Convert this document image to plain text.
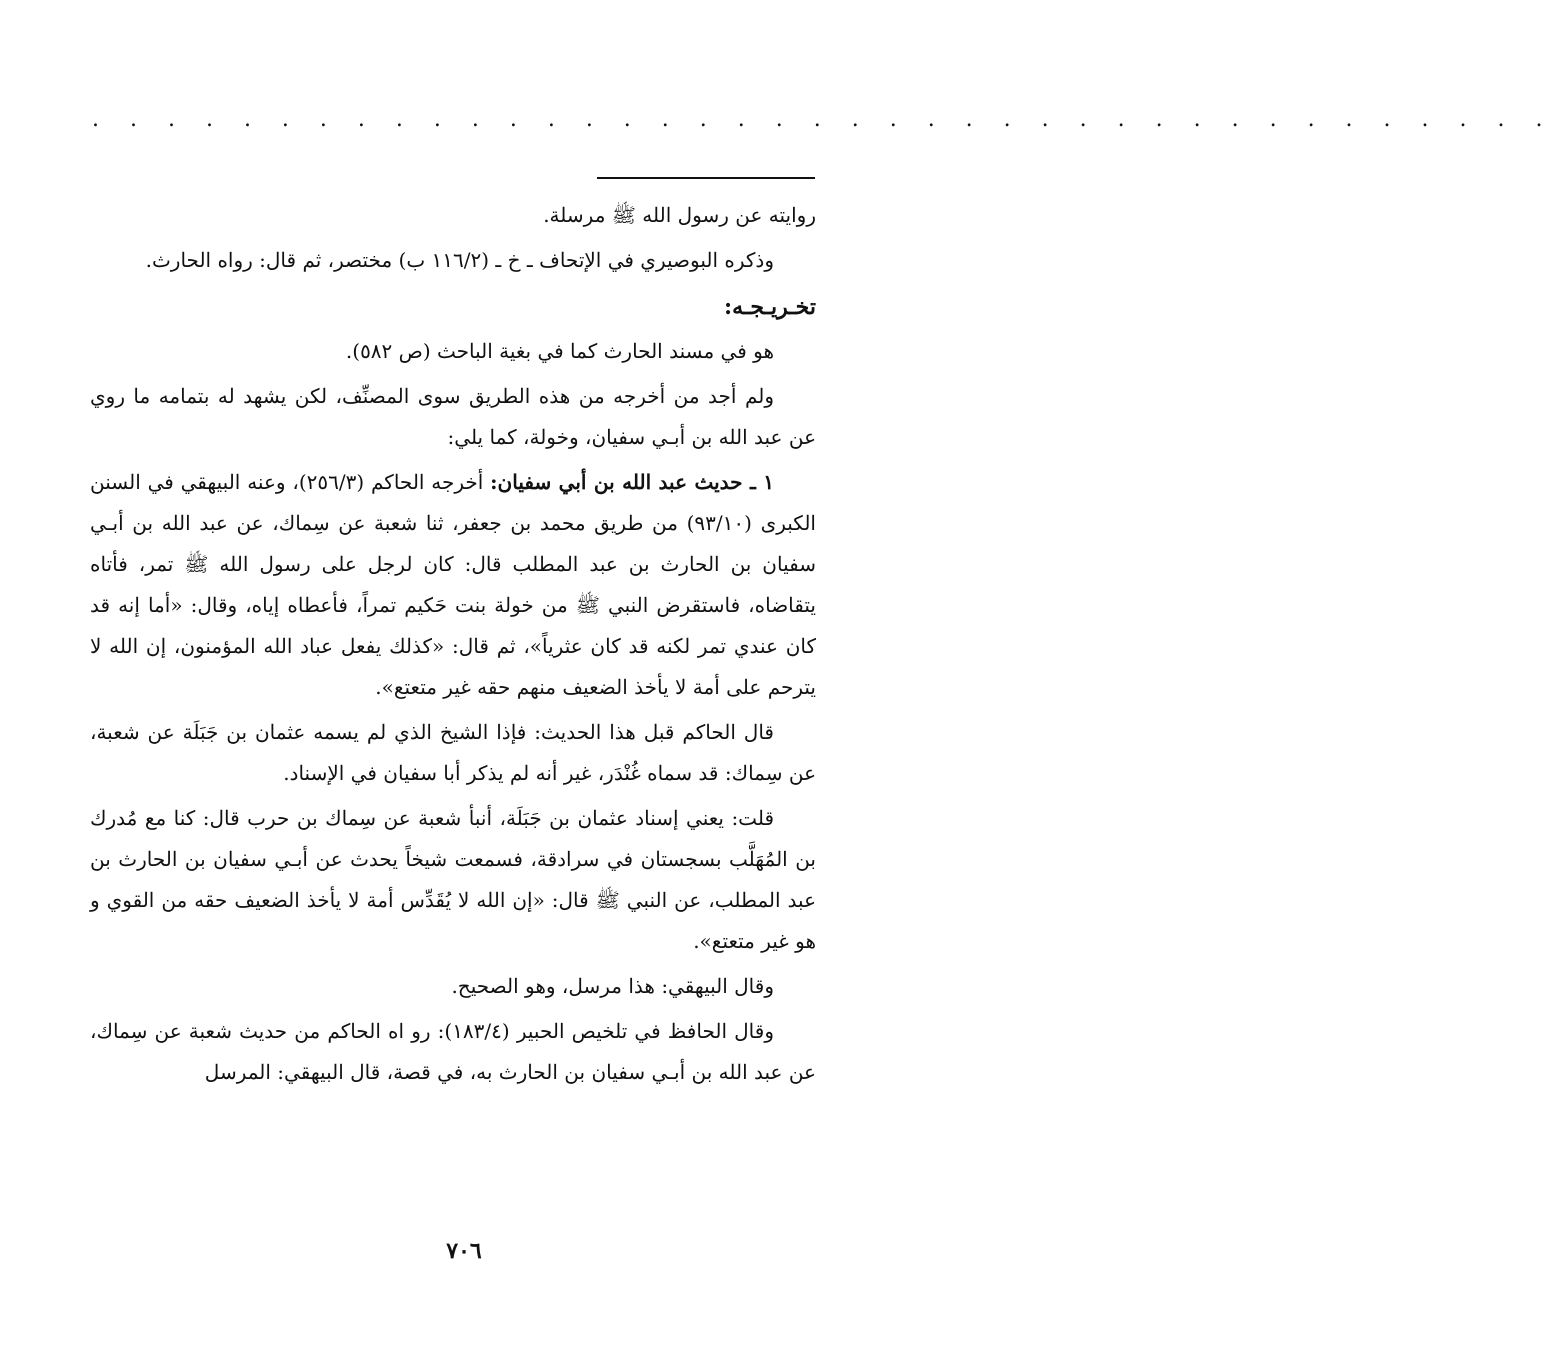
. . . . . . . . . . . . . . . . . . . . . . . . . . . . . . . . . . . . . . .

روايته عن رسول الله ﷺ مرسلة.

وذكره البوصيري في الإتحاف ـ خ ـ (١١٦/٢ ب) مختصر، ثم قال: رواه الحارث.

تخـريـجـه:

هو في مسند الحارث كما في بغية الباحث (ص ٥٨٢).

ولم أجد من أخرجه من هذه الطريق سوى المصنِّف، لكن يشهد له بتمامه ما روي عن عبد الله بن أبـي سفيان، وخولة، كما يلي:

١ ـ حديث عبد الله بن أبي سفيان: أخرجه الحاكم (٢٥٦/٣)، وعنه البيهقي في السنن الكبرى (٩٣/١٠) من طريق محمد بن جعفر، ثنا شعبة عن سِماك، عن عبد الله بن أبـي سفيان بن الحارث بن عبد المطلب قال: كان لرجل على رسول الله ﷺ تمر، فأتاه يتقاضاه، فاستقرض النبي ﷺ من خولة بنت حَكيم تمراً، فأعطاه إياه، وقال: «أما إنه قد كان عندي تمر لكنه قد كان عثرياً»، ثم قال: «كذلك يفعل عباد الله المؤمنون، إن الله لا يترحم على أمة لا يأخذ الضعيف منهم حقه غير متعتع».

قال الحاكم قبل هذا الحديث: فإذا الشيخ الذي لم يسمه عثمان بن جَبَلَة عن شعبة، عن سِماك: قد سماه غُنْدَر، غير أنه لم يذكر أبا سفيان في الإسناد.

قلت: يعني إسناد عثمان بن جَبَلَة، أنبأ شعبة عن سِماك بن حرب قال: كنا مع مُدرك بن المُهَلَّب بسجستان في سرادقة، فسمعت شيخاً يحدث عن أبـي سفيان بن الحارث بن عبد المطلب، عن النبي ﷺ قال: «إن الله لا يُقَدِّس أمة لا يأخذ الضعيف حقه من القوي و هو غير متعتع».

وقال البيهقي: هذا مرسل، وهو الصحيح.

وقال الحافظ في تلخيص الحبير (١٨٣/٤): رو اه الحاكم من حديث شعبة عن سِماك، عن عبد الله بن أبـي سفيان بن الحارث به، في قصة، قال البيهقي: المرسل

٧٠٦
